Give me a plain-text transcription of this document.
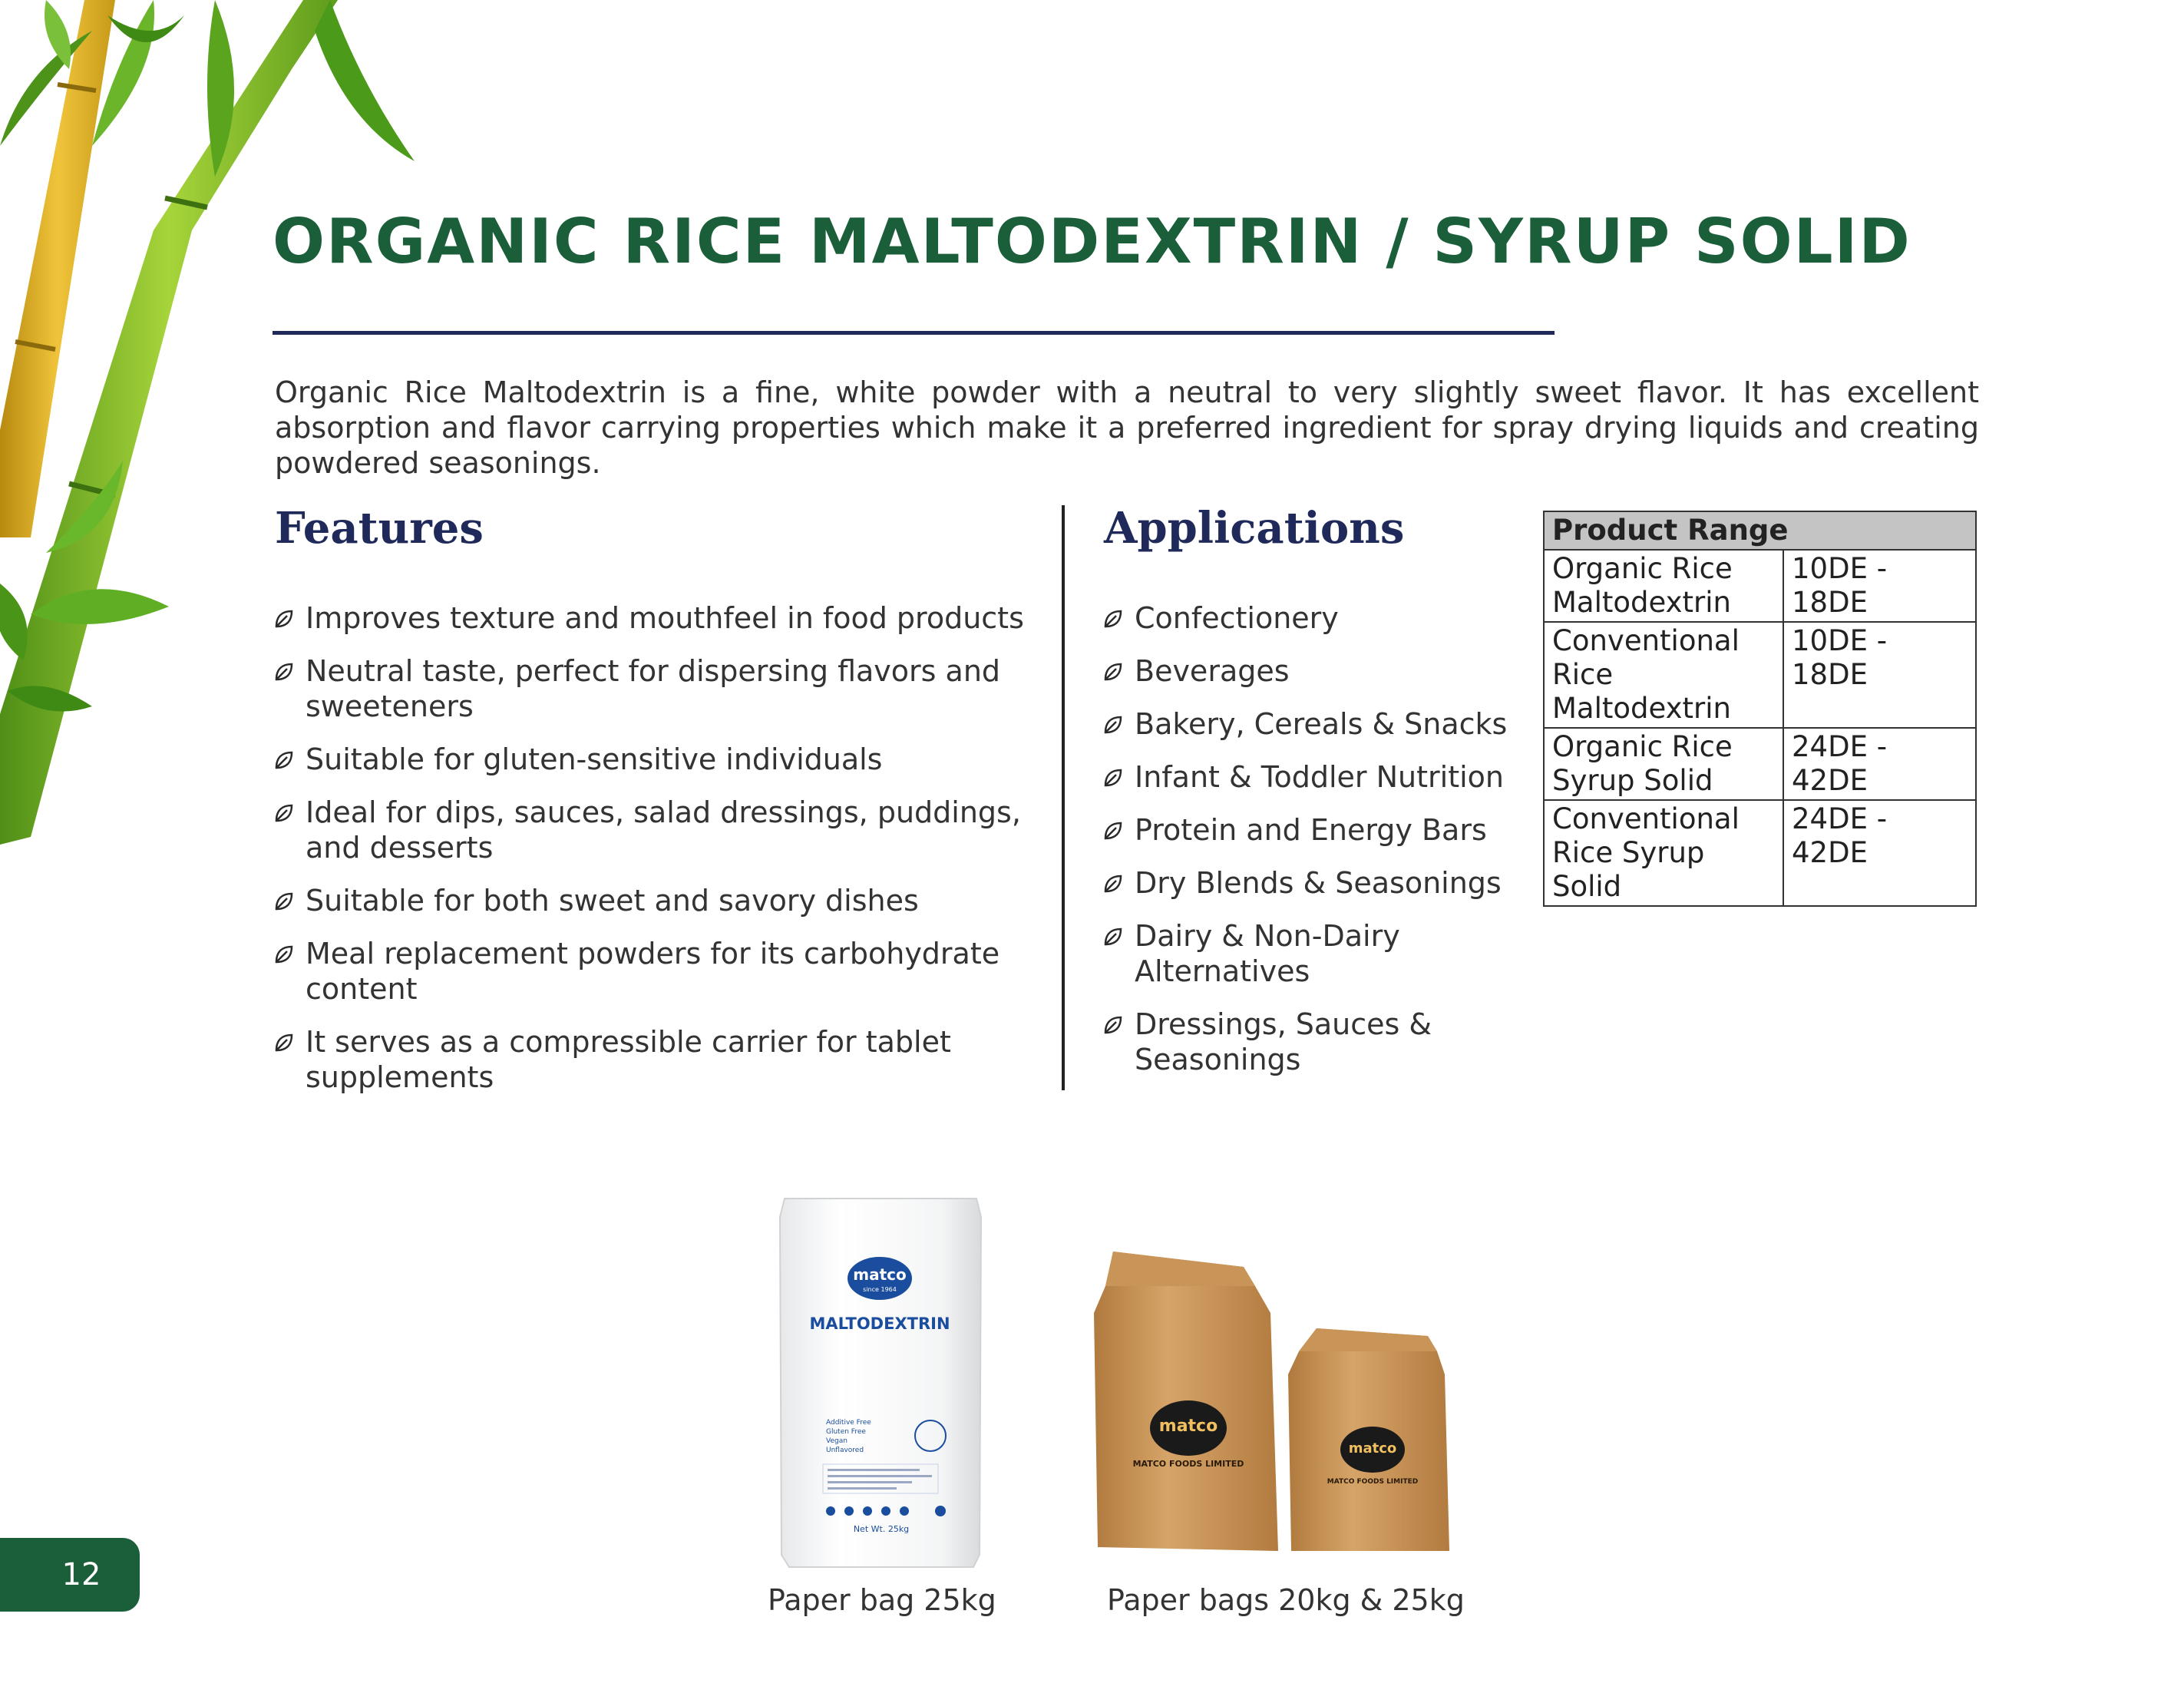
ORGANIC RICE MALTODEXTRIN / SYRUP SOLID

Organic Rice Maltodextrin is a fine, white powder with a neutral to very slightly sweet flavor. It has excellent absorption and flavor carrying properties which make it a preferred ingredient for spray drying liquids and creating powdered seasonings.

Features
Improves texture and mouthfeel in food products
Neutral taste, perfect for dispersing flavors and sweeteners
Suitable for gluten-sensitive individuals
Ideal for dips, sauces, salad dressings, puddings, and desserts
Suitable for both sweet and savory dishes
Meal replacement powders for its carbohydrate content
It serves as a compressible carrier for tablet supplements
Applications
Confectionery
Beverages
Bakery, Cereals & Snacks
Infant & Toddler Nutrition
Protein and Energy Bars
Dry Blends & Seasonings
Dairy & Non-Dairy Alternatives
Dressings, Sauces & Seasonings
Product Range	
Organic Rice Maltodextrin	10DE - 18DE
Conventional Rice Maltodextrin	10DE - 18DE
Organic Rice Syrup Solid	24DE - 42DE
Conventional Rice Syrup Solid	24DE - 42DE
matco
since 1964
MALTODEXTRIN
Additive Free
Gluten Free
Vegan
Unflavored
Net Wt. 25kg

Paper bag 25kg

matco
MATCO FOODS LIMITED
matco
MATCO FOODS LIMITED

Paper bags 20kg & 25kg

12
